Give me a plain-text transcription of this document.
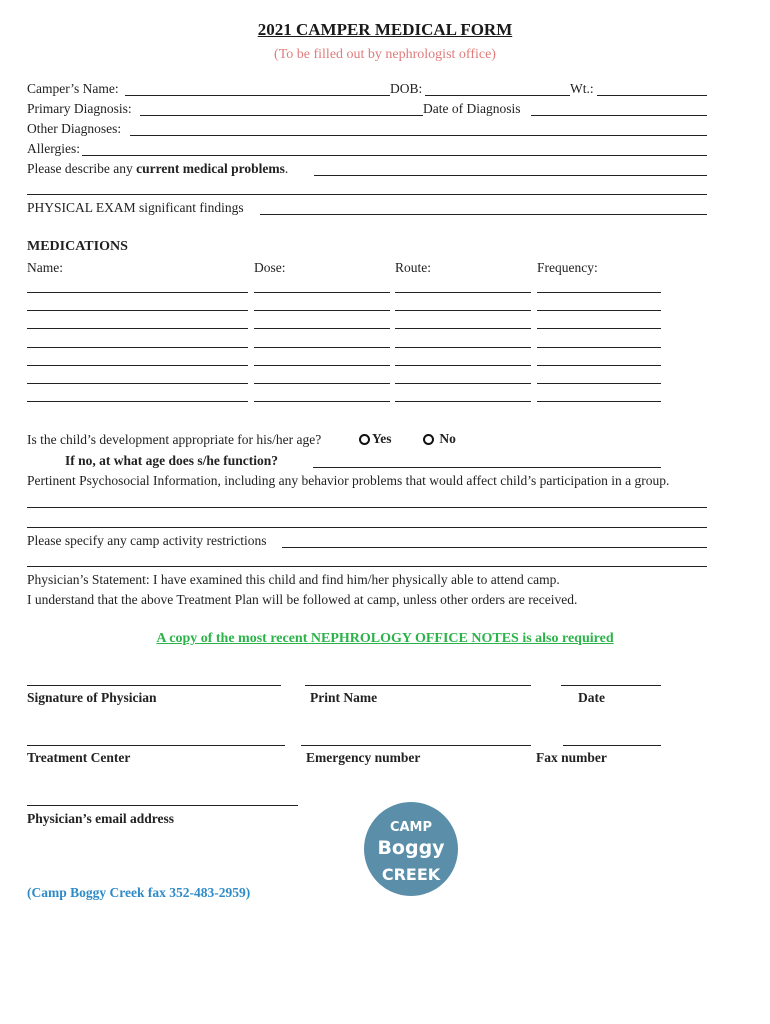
2021 CAMPER MEDICAL FORM
(To be filled out by nephrologist office)
Camper’s Name:	DOB:	Wt.:
Primary Diagnosis:	Date of Diagnosis
Other Diagnoses:
Allergies:
Please describe any current medical problems.
PHYSICAL EXAM significant findings
MEDICATIONS
Name:	Dose:	Route:	Frequency:
Is the child’s development appropriate for his/her age?	Yes	No
If no, at what age does s/he function?
Pertinent Psychosocial Information, including any behavior problems that would affect child’s participation in a group.
Please specify any camp activity restrictions
Physician’s Statement: I have examined this child and find him/her physically able to attend camp.
I understand that the above Treatment Plan will be followed at camp, unless other orders are received.
A copy of the most recent NEPHROLOGY OFFICE NOTES is also required
Signature of Physician	Print Name	Date
Treatment Center	Emergency number	Fax number
Physician’s email address
CAMP
Boggy
CREEK
(Camp Boggy Creek fax 352-483-2959)
